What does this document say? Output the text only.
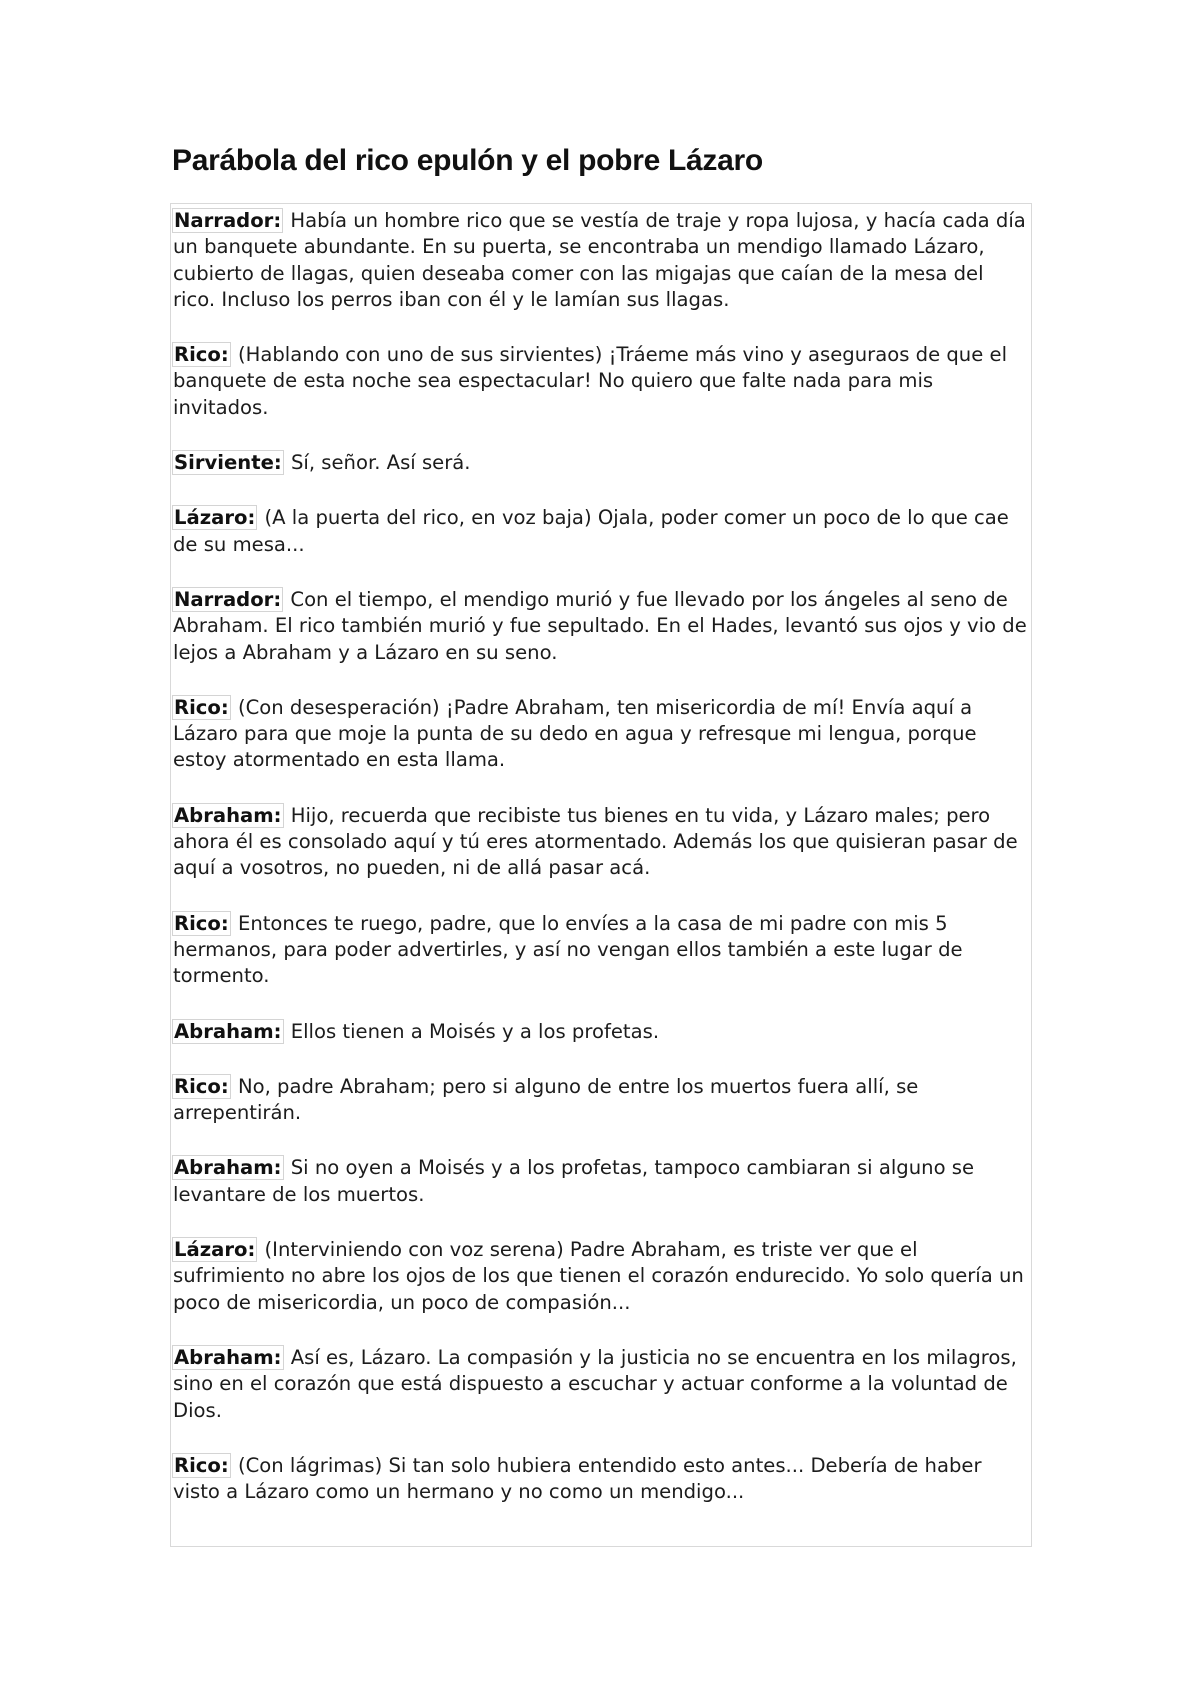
Parábola del rico epulón y el pobre Lázaro

Narrador: Había un hombre rico que se vestía de traje y ropa lujosa, y hacía cada día un banquete abundante. En su puerta, se encontraba un mendigo llamado Lázaro, cubierto de llagas, quien deseaba comer con las migajas que caían de la mesa del rico. Incluso los perros iban con él y le lamían sus llagas.

Rico: (Hablando con uno de sus sirvientes) ¡Tráeme más vino y aseguraos de que el banquete de esta noche sea espectacular! No quiero que falte nada para mis invitados.

Sirviente: Sí, señor. Así será.

Lázaro: (A la puerta del rico, en voz baja) Ojala, poder comer un poco de lo que cae de su mesa...

Narrador: Con el tiempo, el mendigo murió y fue llevado por los ángeles al seno de Abraham. El rico también murió y fue sepultado. En el Hades, levantó sus ojos y vio de lejos a Abraham y a Lázaro en su seno.

Rico: (Con desesperación) ¡Padre Abraham, ten misericordia de mí! Envía aquí a Lázaro para que moje la punta de su dedo en agua y refresque mi lengua, porque estoy atormentado en esta llama.

Abraham: Hijo, recuerda que recibiste tus bienes en tu vida, y Lázaro males; pero ahora él es consolado aquí y tú eres atormentado. Además los que quisieran pasar de aquí a vosotros, no pueden, ni de allá pasar acá.

Rico: Entonces te ruego, padre, que lo envíes a la casa de mi padre con mis 5 hermanos, para poder advertirles, y así no vengan ellos también a este lugar de tormento.

Abraham: Ellos tienen a Moisés y a los profetas.

Rico: No, padre Abraham; pero si alguno de entre los muertos fuera allí, se arrepentirán.

Abraham: Si no oyen a Moisés y a los profetas, tampoco cambiaran si alguno se levantare de los muertos.

Lázaro: (Interviniendo con voz serena) Padre Abraham, es triste ver que el sufrimiento no abre los ojos de los que tienen el corazón endurecido. Yo solo quería un poco de misericordia, un poco de compasión...

Abraham: Así es, Lázaro. La compasión y la justicia no se encuentra en los milagros, sino en el corazón que está dispuesto a escuchar y actuar conforme a la voluntad de Dios.

Rico: (Con lágrimas) Si tan solo hubiera entendido esto antes... Debería de haber visto a Lázaro como un hermano y no como un mendigo...
